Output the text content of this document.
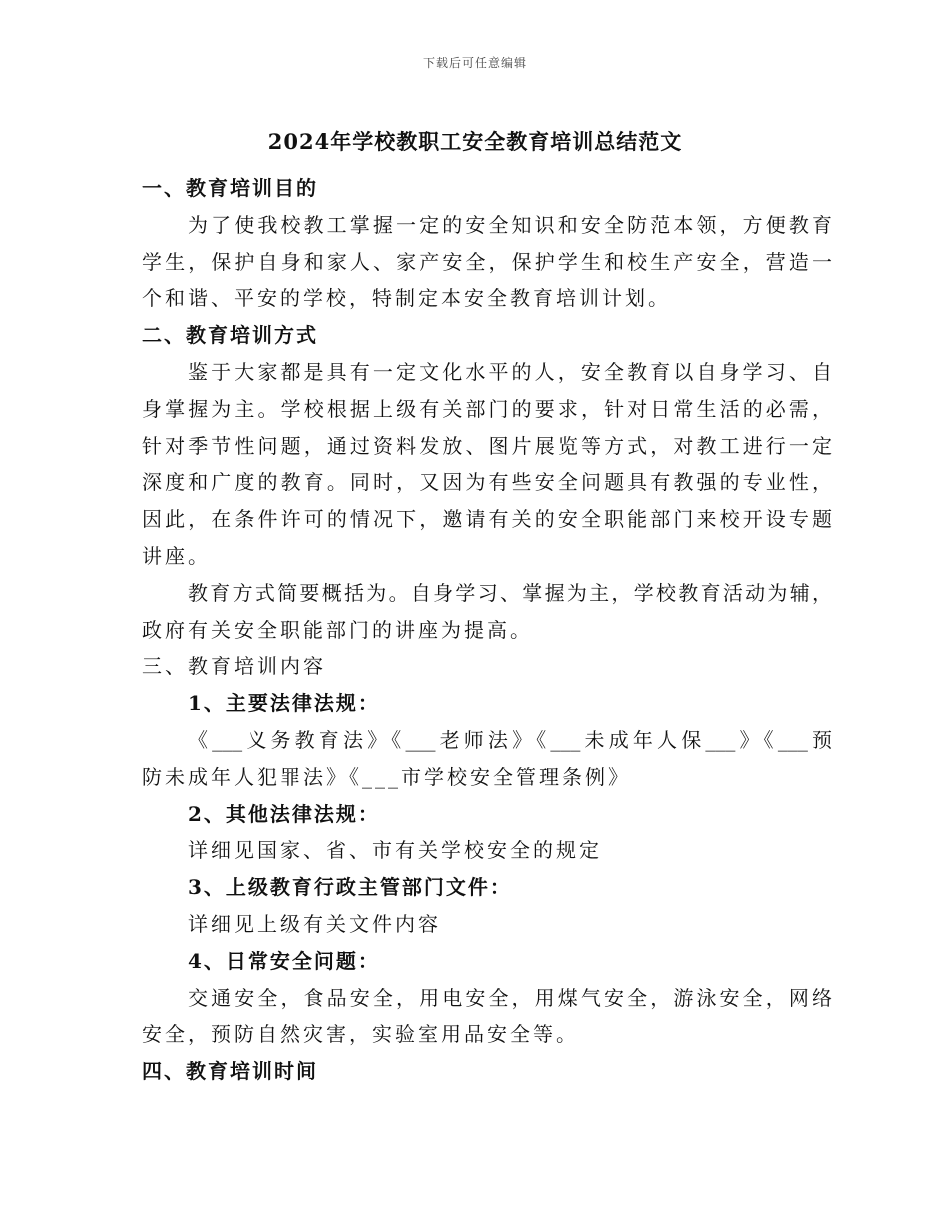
下载后可任意编辑
2024年学校教职工安全教育培训总结范文
一、教育培训目的
为了使我校教工掌握一定的安全知识和安全防范本领，方便教育
学生，保护自身和家人、家产安全，保护学生和校生产安全，营造一
个和谐、平安的学校，特制定本安全教育培训计划。
二、教育培训方式
鉴于大家都是具有一定文化水平的人，安全教育以自身学习、自
身掌握为主。学校根据上级有关部门的要求，针对日常生活的必需，
针对季节性问题，通过资料发放、图片展览等方式，对教工进行一定
深度和广度的教育。同时，又因为有些安全问题具有教强的专业性，
因此，在条件许可的情况下，邀请有关的安全职能部门来校开设专题
讲座。
教育方式简要概括为。自身学习、掌握为主，学校教育活动为辅，
政府有关安全职能部门的讲座为提高。
三、教育培训内容
1、主要法律法规：
《___义务教育法》《___老师法》《___未成年人保___》《___预
防未成年人犯罪法》《___市学校安全管理条例》
2、其他法律法规：
详细见国家、省、市有关学校安全的规定
3、上级教育行政主管部门文件：
详细见上级有关文件内容
4、日常安全问题：
交通安全，食品安全，用电安全，用煤气安全，游泳安全，网络
安全，预防自然灾害，实验室用品安全等。
四、教育培训时间
